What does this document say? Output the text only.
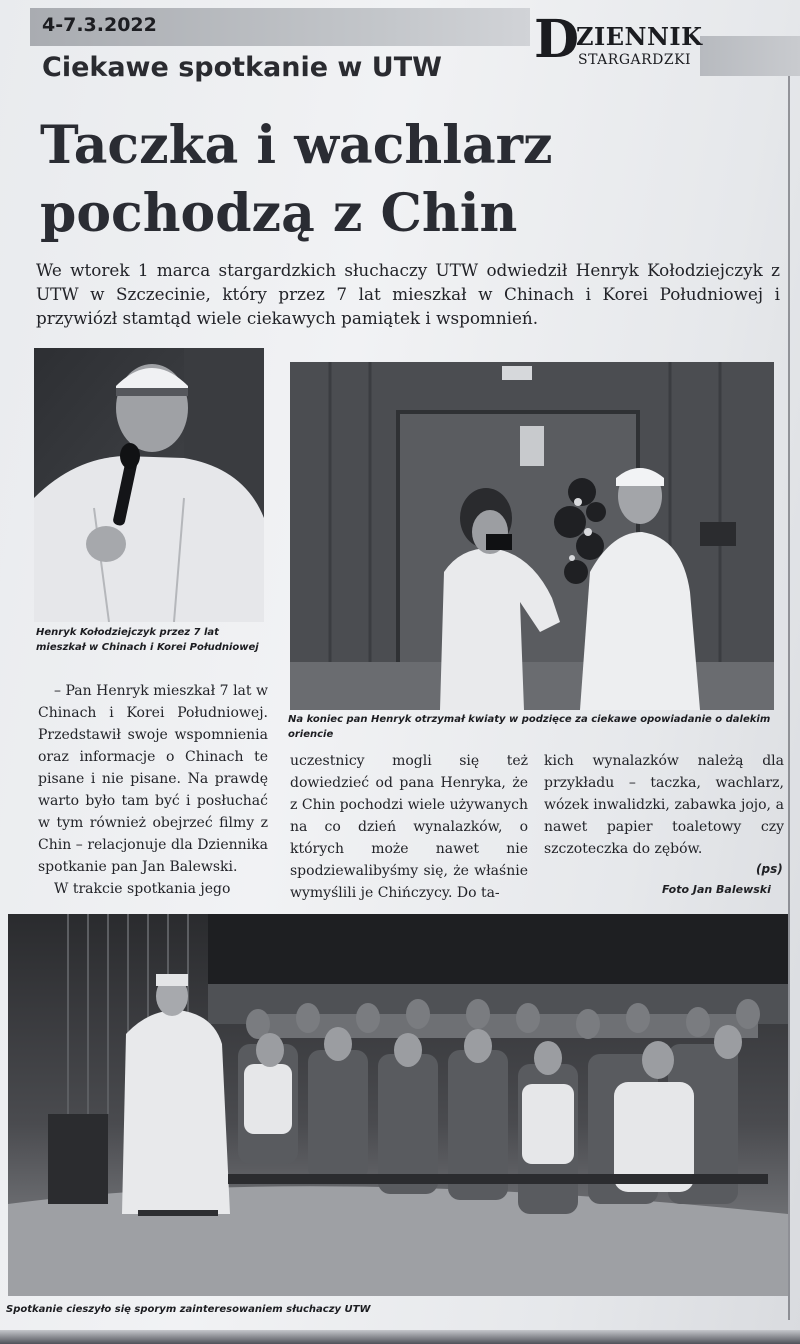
4-7.3.2022	D
ZIENNIK
STARGARDZKI
Ciekawe spotkanie w UTW
Taczka i wachlarz
pochodzą z Chin
We wtorek 1 marca stargardzkich słuchaczy UTW odwiedził Henryk Kołodziejczyk z UTW w Szczecinie, który przez 7 lat mieszkał w Chinach i Korei Południowej i przywiózł stamtąd wiele ciekawych pamiątek i wspomnień.
Henryk Kołodziejczyk przez 7 lat mieszkał w Chinach i Korei Południowej
Na koniec pan Henryk otrzymał kwiaty w podzięce za ciekawe opowiadanie o dalekim oriencie

– Pan Henryk mieszkał 7 lat w Chinach i Korei Południowej. Przedstawił swoje wspomnienia oraz informacje o Chinach te pisane i nie pisane. Na prawdę warto było tam być i posłuchać w tym również obejrzeć filmy z Chin – relacjonuje dla Dziennika spotkanie pan Jan Balewski.

W trakcie spotkania jego

uczestnicy mogli się też dowiedzieć od pana Henryka, że z Chin pochodzi wiele używanych na co dzień wynalazków, o których może nawet nie spodziewalibyśmy się, że właśnie wymyślili je Chińczycy. Do ta-

kich wynalazków należą dla przykładu – taczka, wachlarz, wózek inwalidzki, zabawka jojo, a nawet papier toaletowy czy szczoteczka do zębów.

(ps)
Foto Jan Balewski
Spotkanie cieszyło się sporym zainteresowaniem słuchaczy UTW
